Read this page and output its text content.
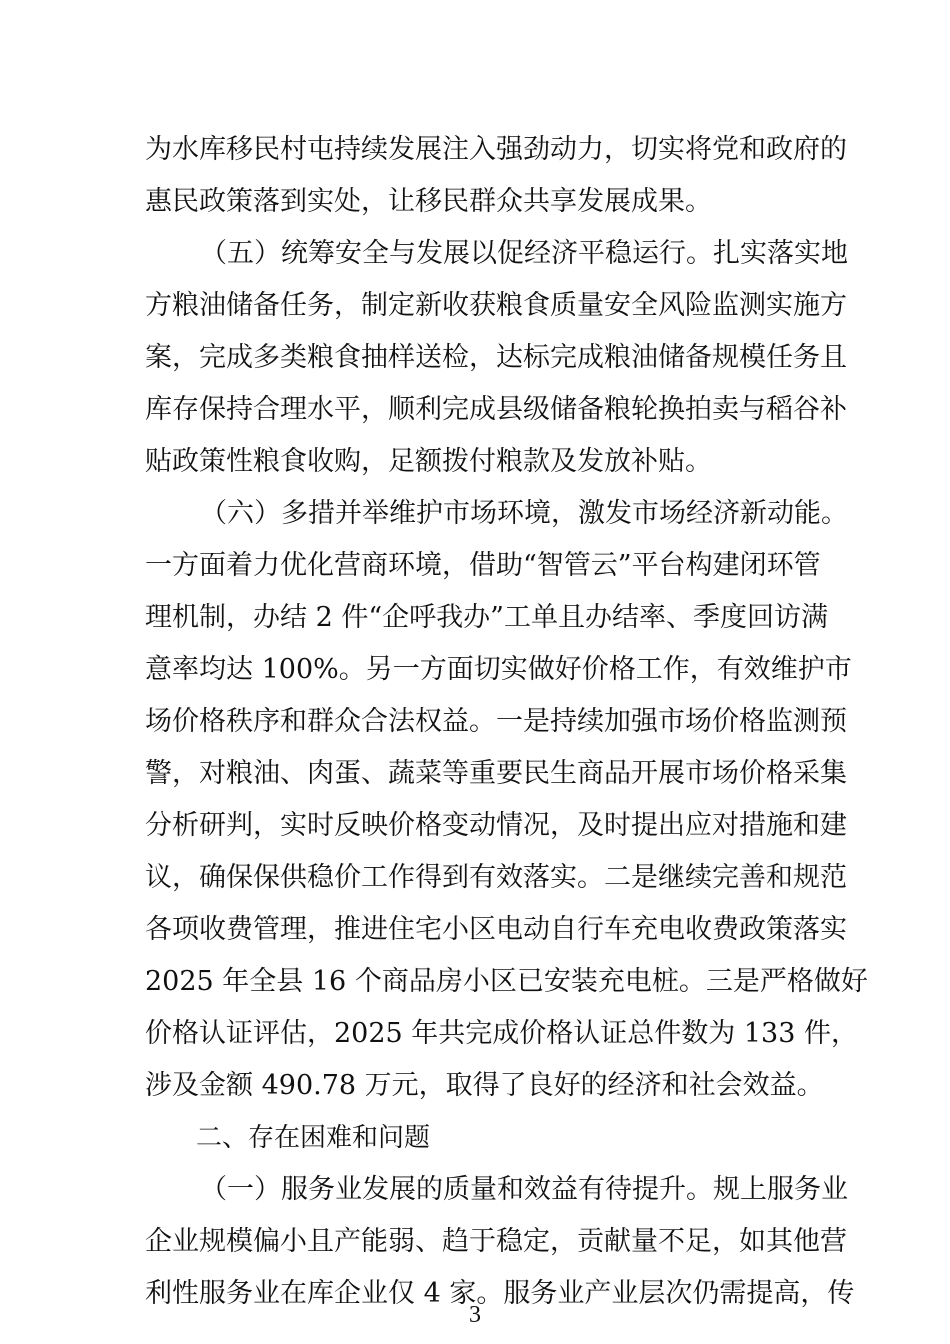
为水库移民村屯持续发展注入强劲动力，切实将党和政府的
惠民政策落到实处，让移民群众共享发展成果。
（五）统筹安全与发展以促经济平稳运行。扎实落实地
方粮油储备任务，制定新收获粮食质量安全风险监测实施方
案，完成多类粮食抽样送检，达标完成粮油储备规模任务且
库存保持合理水平，顺利完成县级储备粮轮换拍卖与稻谷补
贴政策性粮食收购，足额拨付粮款及发放补贴。
（六）多措并举维护市场环境，激发市场经济新动能。
一方面着力优化营商环境，借助“智管云”平台构建闭环管
理机制，办结 2 件“企呼我办”工单且办结率、季度回访满
意率均达 100%。另一方面切实做好价格工作，有效维护市
场价格秩序和群众合法权益。一是持续加强市场价格监测预
警，对粮油、肉蛋、蔬菜等重要民生商品开展市场价格采集
分析研判，实时反映价格变动情况，及时提出应对措施和建
议，确保保供稳价工作得到有效落实。二是继续完善和规范
各项收费管理，推进住宅小区电动自行车充电收费政策落实
2025 年全县 16 个商品房小区已安装充电桩。三是严格做好
价格认证评估，2025 年共完成价格认证总件数为 133 件，
涉及金额 490.78 万元，取得了良好的经济和社会效益。
二、存在困难和问题
（一）服务业发展的质量和效益有待提升。规上服务业
企业规模偏小且产能弱、趋于稳定，贡献量不足，如其他营
利性服务业在库企业仅 4 家。服务业产业层次仍需提高，传
3
